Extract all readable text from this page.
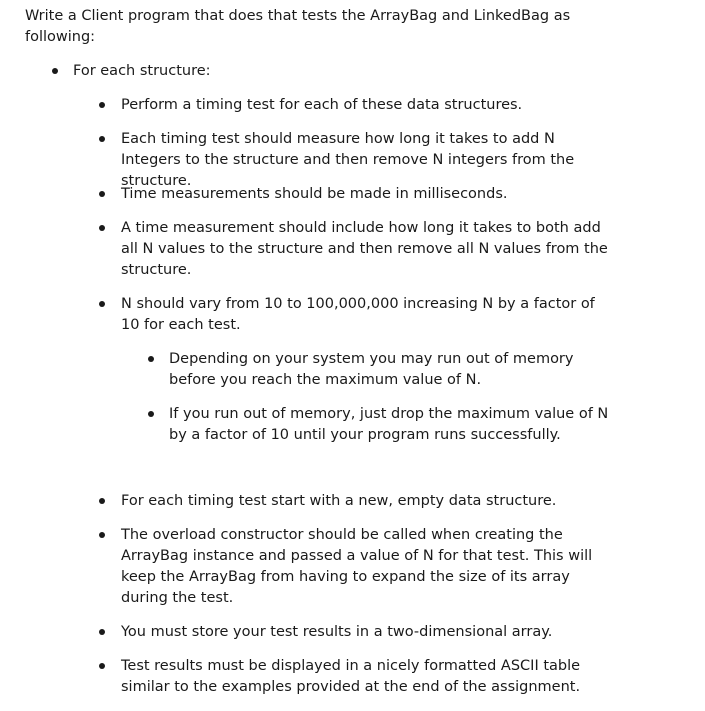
Write a Client program that does that tests the ArrayBag and LinkedBag as following:
For each structure:
Perform a timing test for each of these data structures.
Each timing test should measure how long it takes to add N Integers to the structure and then remove N integers from the structure.
Time measurements should be made in milliseconds.
A time measurement should include how long it takes to both add all N values to the structure and then remove all N values from the structure.
N should vary from 10 to 100,000,000 increasing N by a factor of 10 for each test.
Depending on your system you may run out of memory before you reach the maximum value of N.
If you run out of memory, just drop the maximum value of N by a factor of 10 until your program runs successfully.
For each timing test start with a new, empty data structure.
The overload constructor should be called when creating the ArrayBag instance and passed a value of N for that test. This will keep the ArrayBag from having to expand the size of its array during the test.
You must store your test results in a two-dimensional array.
Test results must be displayed in a nicely formatted ASCII table similar to the examples provided at the end of the assignment.
